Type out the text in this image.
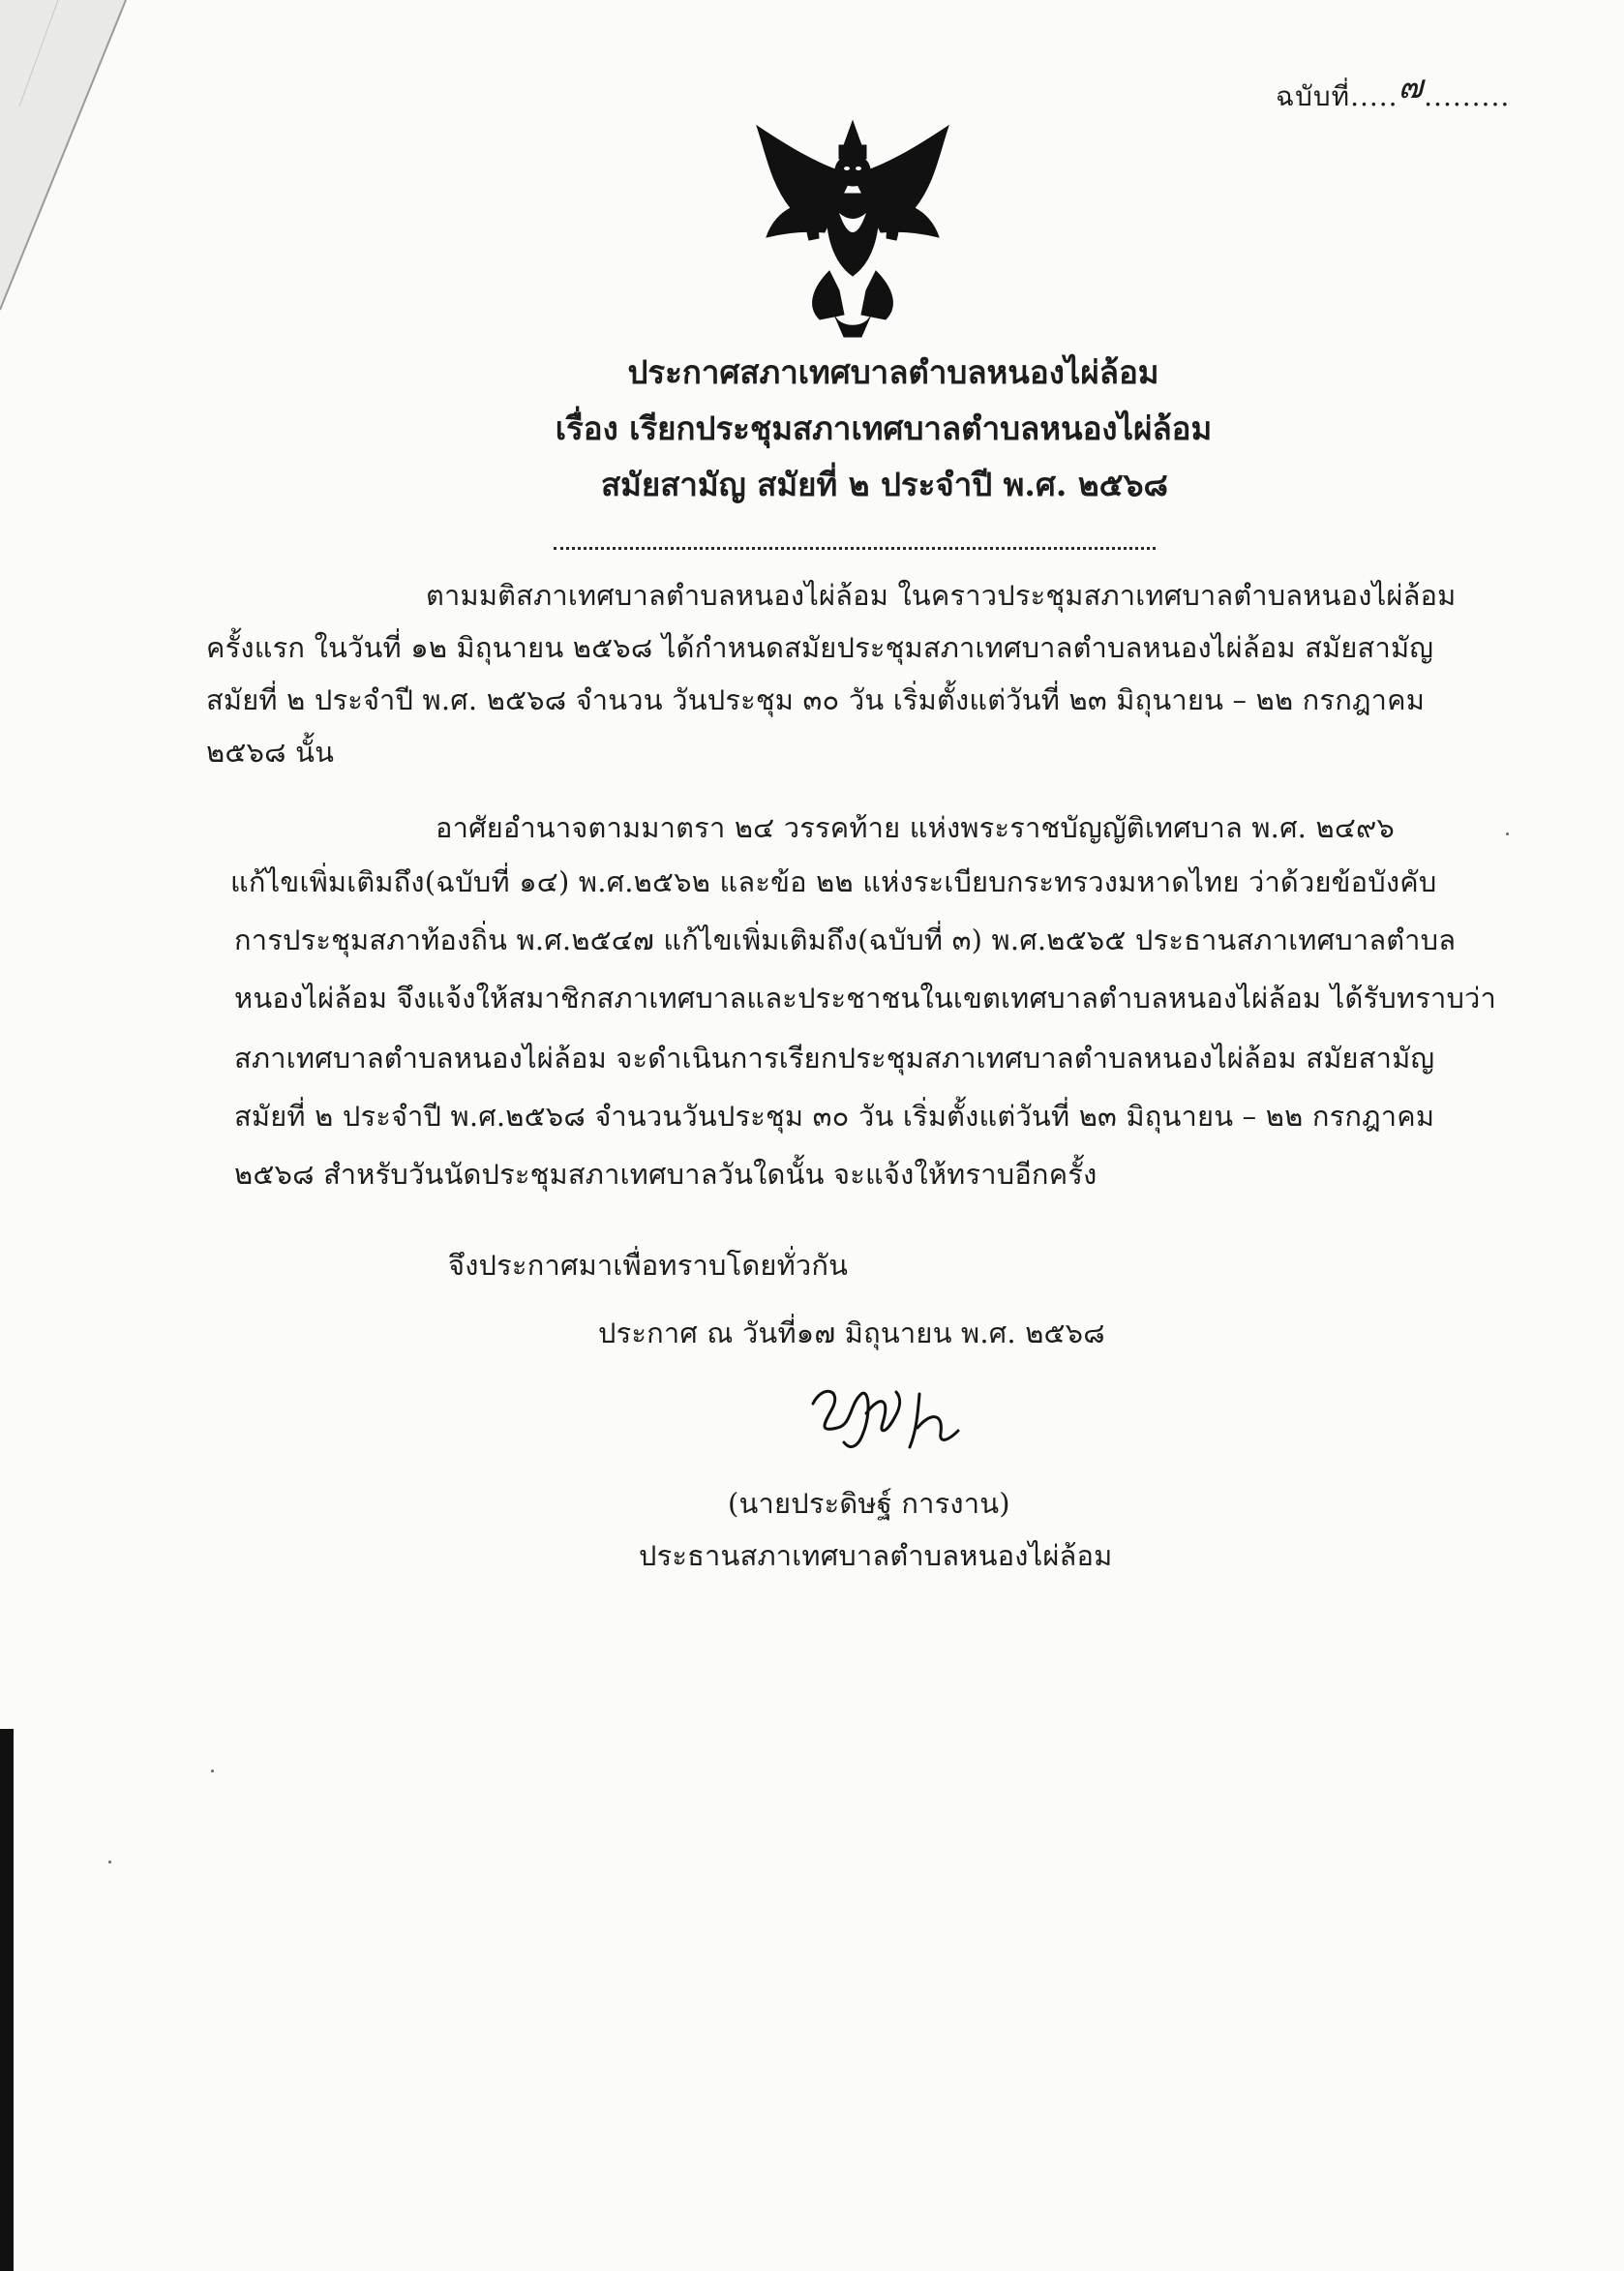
ฉบับที่.....๗.........
ประกาศสภาเทศบาลตำบลหนองไผ่ล้อม
เรื่อง เรียกประชุมสภาเทศบาลตำบลหนองไผ่ล้อม
สมัยสามัญ สมัยที่ ๒ ประจำปี พ.ศ. ๒๕๖๘
ตามมติสภาเทศบาลตำบลหนองไผ่ล้อม ในคราวประชุมสภาเทศบาลตำบลหนองไผ่ล้อม
ครั้งแรก ในวันที่ ๑๒ มิถุนายน ๒๕๖๘ ได้กำหนดสมัยประชุมสภาเทศบาลตำบลหนองไผ่ล้อม สมัยสามัญ
สมัยที่ ๒ ประจำปี พ.ศ. ๒๕๖๘ จำนวน วันประชุม ๓๐ วัน เริ่มตั้งแต่วันที่ ๒๓ มิถุนายน – ๒๒ กรกฎาคม
๒๕๖๘ นั้น
อาศัยอำนาจตามมาตรา ๒๔ วรรคท้าย แห่งพระราชบัญญัติเทศบาล พ.ศ. ๒๔๙๖
แก้ไขเพิ่มเติมถึง(ฉบับที่ ๑๔) พ.ศ.๒๕๖๒ และข้อ ๒๒ แห่งระเบียบกระทรวงมหาดไทย ว่าด้วยข้อบังคับ
การประชุมสภาท้องถิ่น พ.ศ.๒๕๔๗ แก้ไขเพิ่มเติมถึง(ฉบับที่ ๓) พ.ศ.๒๕๖๕ ประธานสภาเทศบาลตำบล
หนองไผ่ล้อม จึงแจ้งให้สมาชิกสภาเทศบาลและประชาชนในเขตเทศบาลตำบลหนองไผ่ล้อม ได้รับทราบว่า
สภาเทศบาลตำบลหนองไผ่ล้อม จะดำเนินการเรียกประชุมสภาเทศบาลตำบลหนองไผ่ล้อม สมัยสามัญ
สมัยที่ ๒ ประจำปี พ.ศ.๒๕๖๘ จำนวนวันประชุม ๓๐ วัน เริ่มตั้งแต่วันที่ ๒๓ มิถุนายน – ๒๒ กรกฎาคม
๒๕๖๘ สำหรับวันนัดประชุมสภาเทศบาลวันใดนั้น จะแจ้งให้ทราบอีกครั้ง
จึงประกาศมาเพื่อทราบโดยทั่วกัน
ประกาศ ณ วันที่๑๗ มิถุนายน พ.ศ. ๒๕๖๘
(นายประดิษฐ์ การงาน)
ประธานสภาเทศบาลตำบลหนองไผ่ล้อม
